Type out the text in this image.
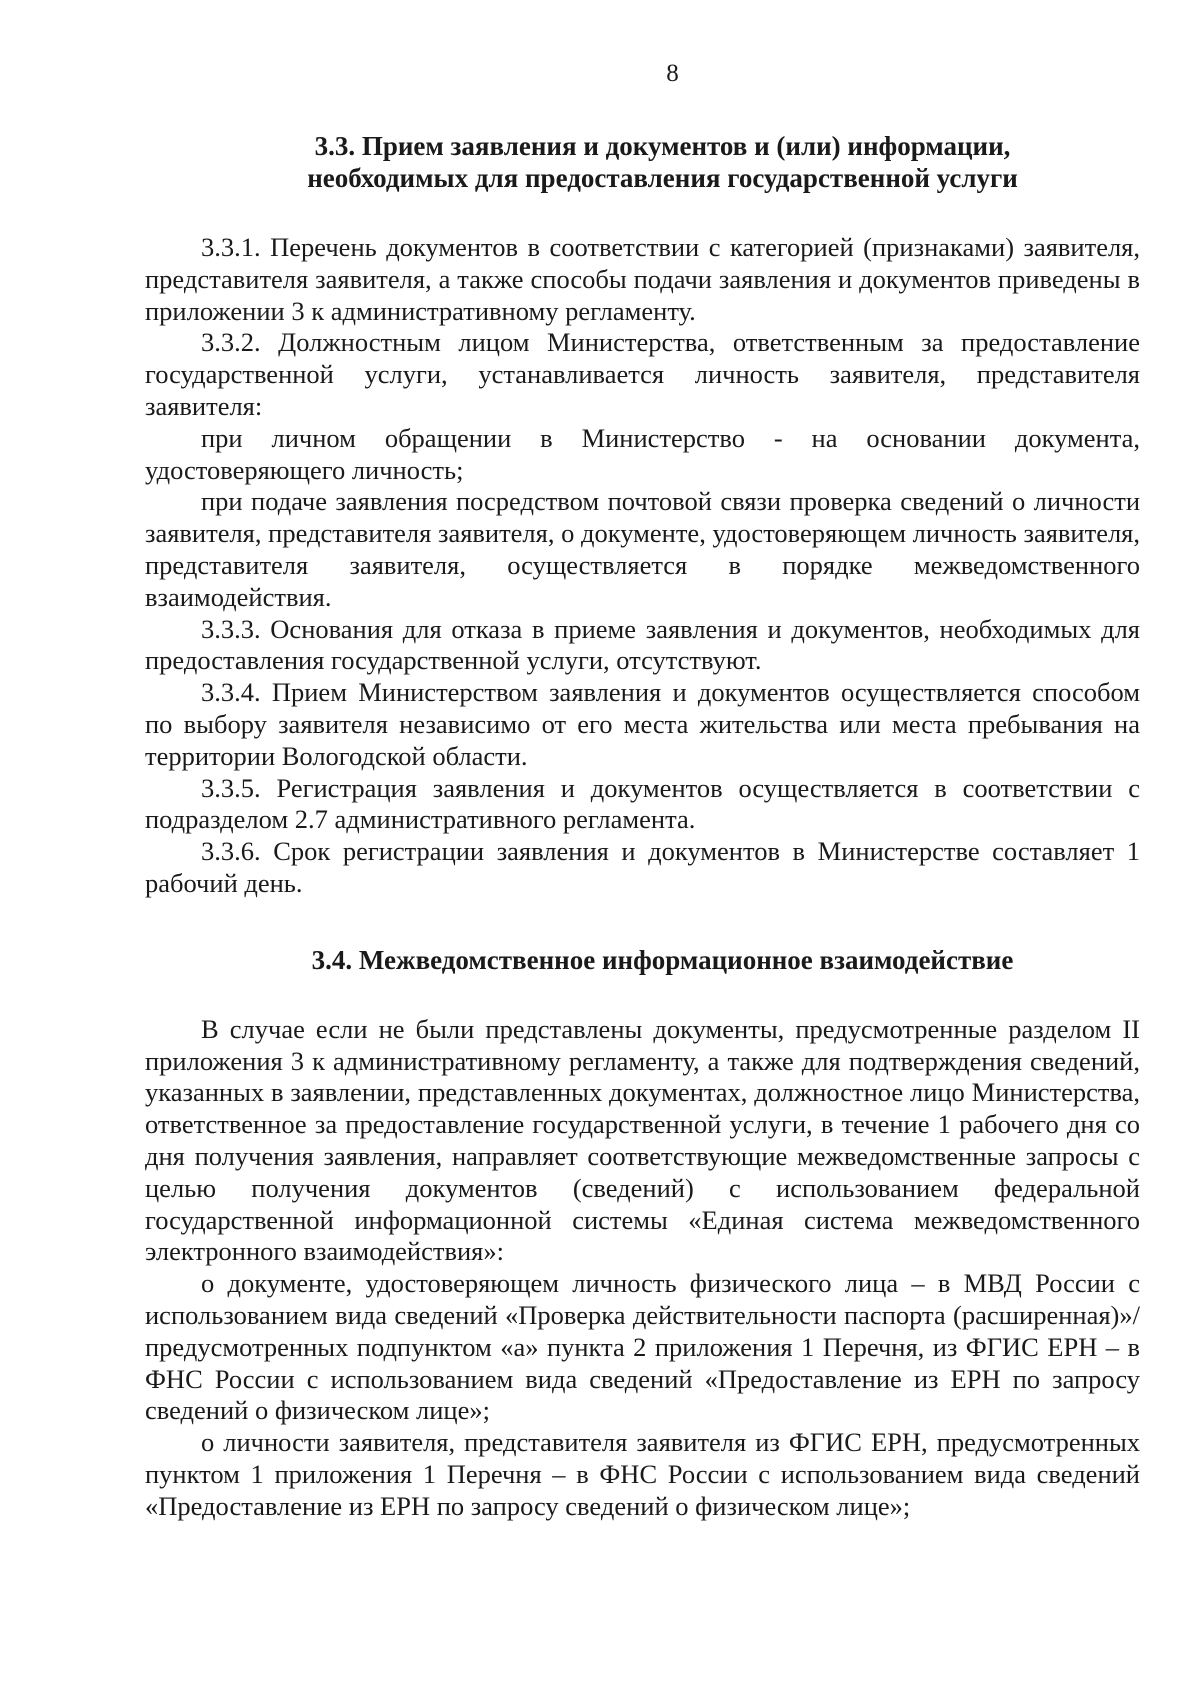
8
3.3. Прием заявления и документов и (или) информации,
необходимых для предоставления государственной услуги

3.3.1. Перечень документов в соответствии с категорией (признаками) заявителя, представителя заявителя, а также способы подачи заявления и документов приведены в приложении 3 к административному регламенту.

3.3.2. Должностным лицом Министерства, ответственным за предоставление государственной услуги, устанавливается личность заявителя, представителя заявителя:

при личном обращении в Министерство - на основании документа, удостоверяющего личность;

при подаче заявления посредством почтовой связи проверка сведений о личности заявителя, представителя заявителя, о документе, удостоверяющем личность заявителя, представителя заявителя, осуществляется в порядке межведомственного взаимодействия.

3.3.3. Основания для отказа в приеме заявления и документов, необходимых для предоставления государственной услуги, отсутствуют.

3.3.4. Прием Министерством заявления и документов осуществляется способом по выбору заявителя независимо от его места жительства или места пребывания на территории Вологодской области.

3.3.5. Регистрация заявления и документов осуществляется в соответствии с подразделом 2.7 административного регламента.

3.3.6. Срок регистрации заявления и документов в Министерстве составляет 1 рабочий день.

3.4. Межведомственное информационное взаимодействие

В случае если не были представлены документы, предусмотренные разделом II приложения 3 к административному регламенту, а также для подтверждения сведений, указанных в заявлении, представленных документах, должностное лицо Министерства, ответственное за предоставление государственной услуги, в течение 1 рабочего дня со дня получения заявления, направляет соответствующие межведомственные запросы с целью получения документов (сведений) с использованием федеральной государственной информационной системы «Единая система межведомственного электронного взаимодействия»:

о документе, удостоверяющем личность физического лица – в МВД России с использованием вида сведений «Проверка действительности паспорта (расширенная)»/предусмотренных подпунктом «а» пункта 2 приложения 1 Перечня, из ФГИС ЕРН – в ФНС России с использованием вида сведений «Предоставление из ЕРН по запросу сведений о физическом лице»;

о личности заявителя, представителя заявителя из ФГИС ЕРН, предусмотренных пунктом 1 приложения 1 Перечня – в ФНС России с использованием вида сведений «Предоставление из ЕРН по запросу сведений о физическом лице»;
